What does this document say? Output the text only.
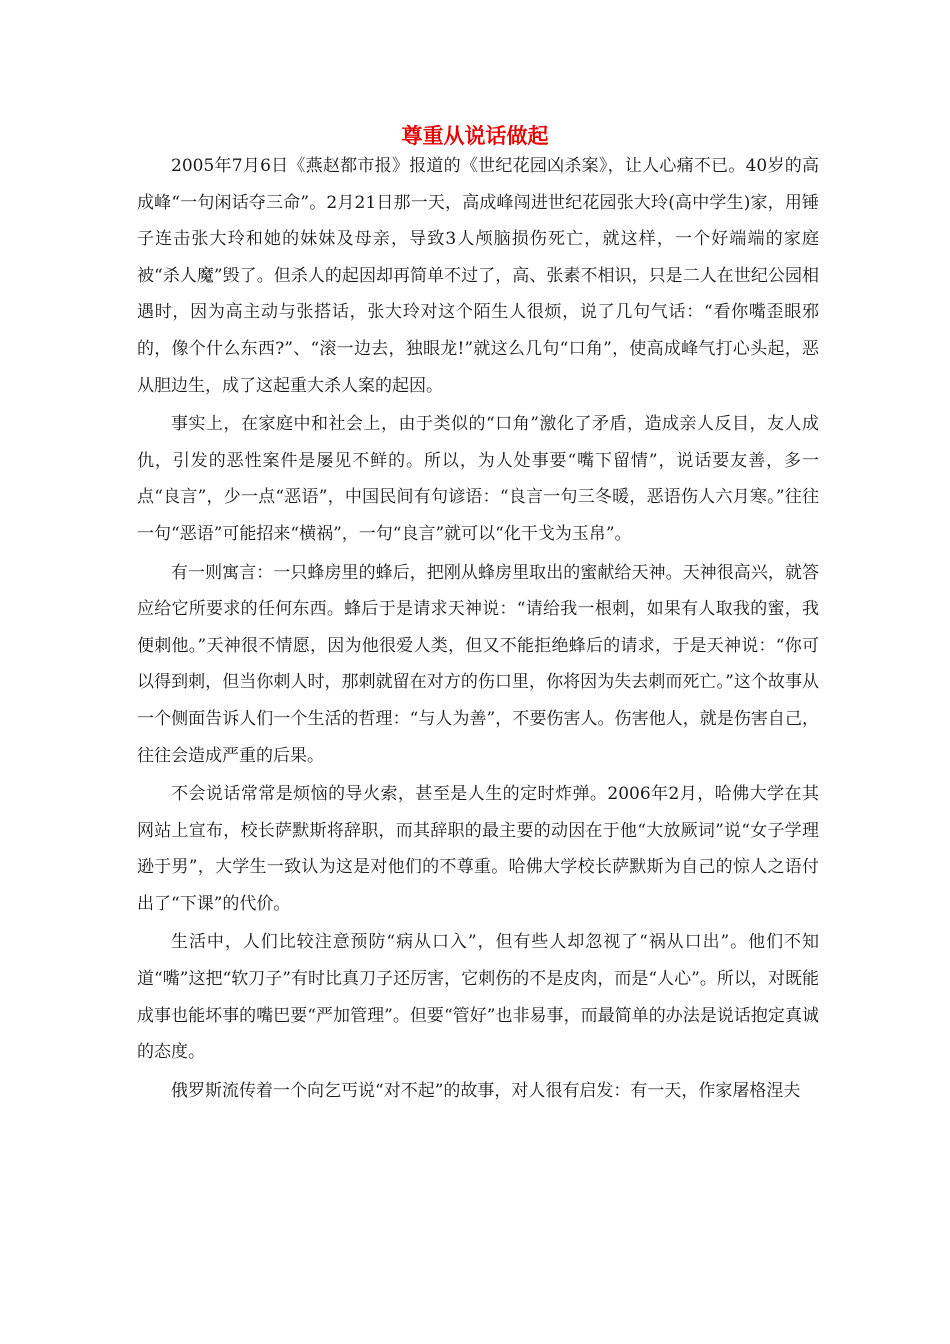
尊重从说话做起

2005年7月6日《燕赵都市报》报道的《世纪花园凶杀案》，让人心痛不已。40岁的高成峰“一句闲话夺三命”。2月21日那一天，高成峰闯进世纪花园张大玲(高中学生)家，用锤子连击张大玲和她的妹妹及母亲，导致3人颅脑损伤死亡，就这样，一个好端端的家庭被“杀人魔”毁了。但杀人的起因却再简单不过了，高、张素不相识，只是二人在世纪公园相遇时，因为高主动与张搭话，张大玲对这个陌生人很烦，说了几句气话：“看你嘴歪眼邪的，像个什么东西?”、“滚一边去，独眼龙!”就这么几句“口角”，使高成峰气打心头起，恶从胆边生，成了这起重大杀人案的起因。

事实上，在家庭中和社会上，由于类似的“口角”激化了矛盾，造成亲人反目，友人成仇，引发的恶性案件是屡见不鲜的。所以，为人处事要“嘴下留情”，说话要友善，多一点“良言”，少一点“恶语”，中国民间有句谚语：“良言一句三冬暖，恶语伤人六月寒。”往往一句“恶语”可能招来“横祸”，一句“良言”就可以“化干戈为玉帛”。

有一则寓言：一只蜂房里的蜂后，把刚从蜂房里取出的蜜献给天神。天神很高兴，就答应给它所要求的任何东西。蜂后于是请求天神说：“请给我一根刺，如果有人取我的蜜，我便刺他。”天神很不情愿，因为他很爱人类，但又不能拒绝蜂后的请求，于是天神说：“你可以得到刺，但当你刺人时，那刺就留在对方的伤口里，你将因为失去刺而死亡。”这个故事从一个侧面告诉人们一个生活的哲理：“与人为善”，不要伤害人。伤害他人，就是伤害自己，往往会造成严重的后果。

不会说话常常是烦恼的导火索，甚至是人生的定时炸弹。2006年2月，哈佛大学在其网站上宣布，校长萨默斯将辞职，而其辞职的最主要的动因在于他“大放厥词”说“女子学理逊于男”，大学生一致认为这是对他们的不尊重。哈佛大学校长萨默斯为自己的惊人之语付出了“下课”的代价。

生活中，人们比较注意预防“病从口入”，但有些人却忽视了“祸从口出”。他们不知道“嘴”这把“软刀子”有时比真刀子还厉害，它刺伤的不是皮肉，而是“人心”。所以，对既能成事也能坏事的嘴巴要“严加管理”。但要“管好”也非易事，而最简单的办法是说话抱定真诚的态度。

俄罗斯流传着一个向乞丐说“对不起”的故事，对人很有启发：有一天，作家屠格涅夫
